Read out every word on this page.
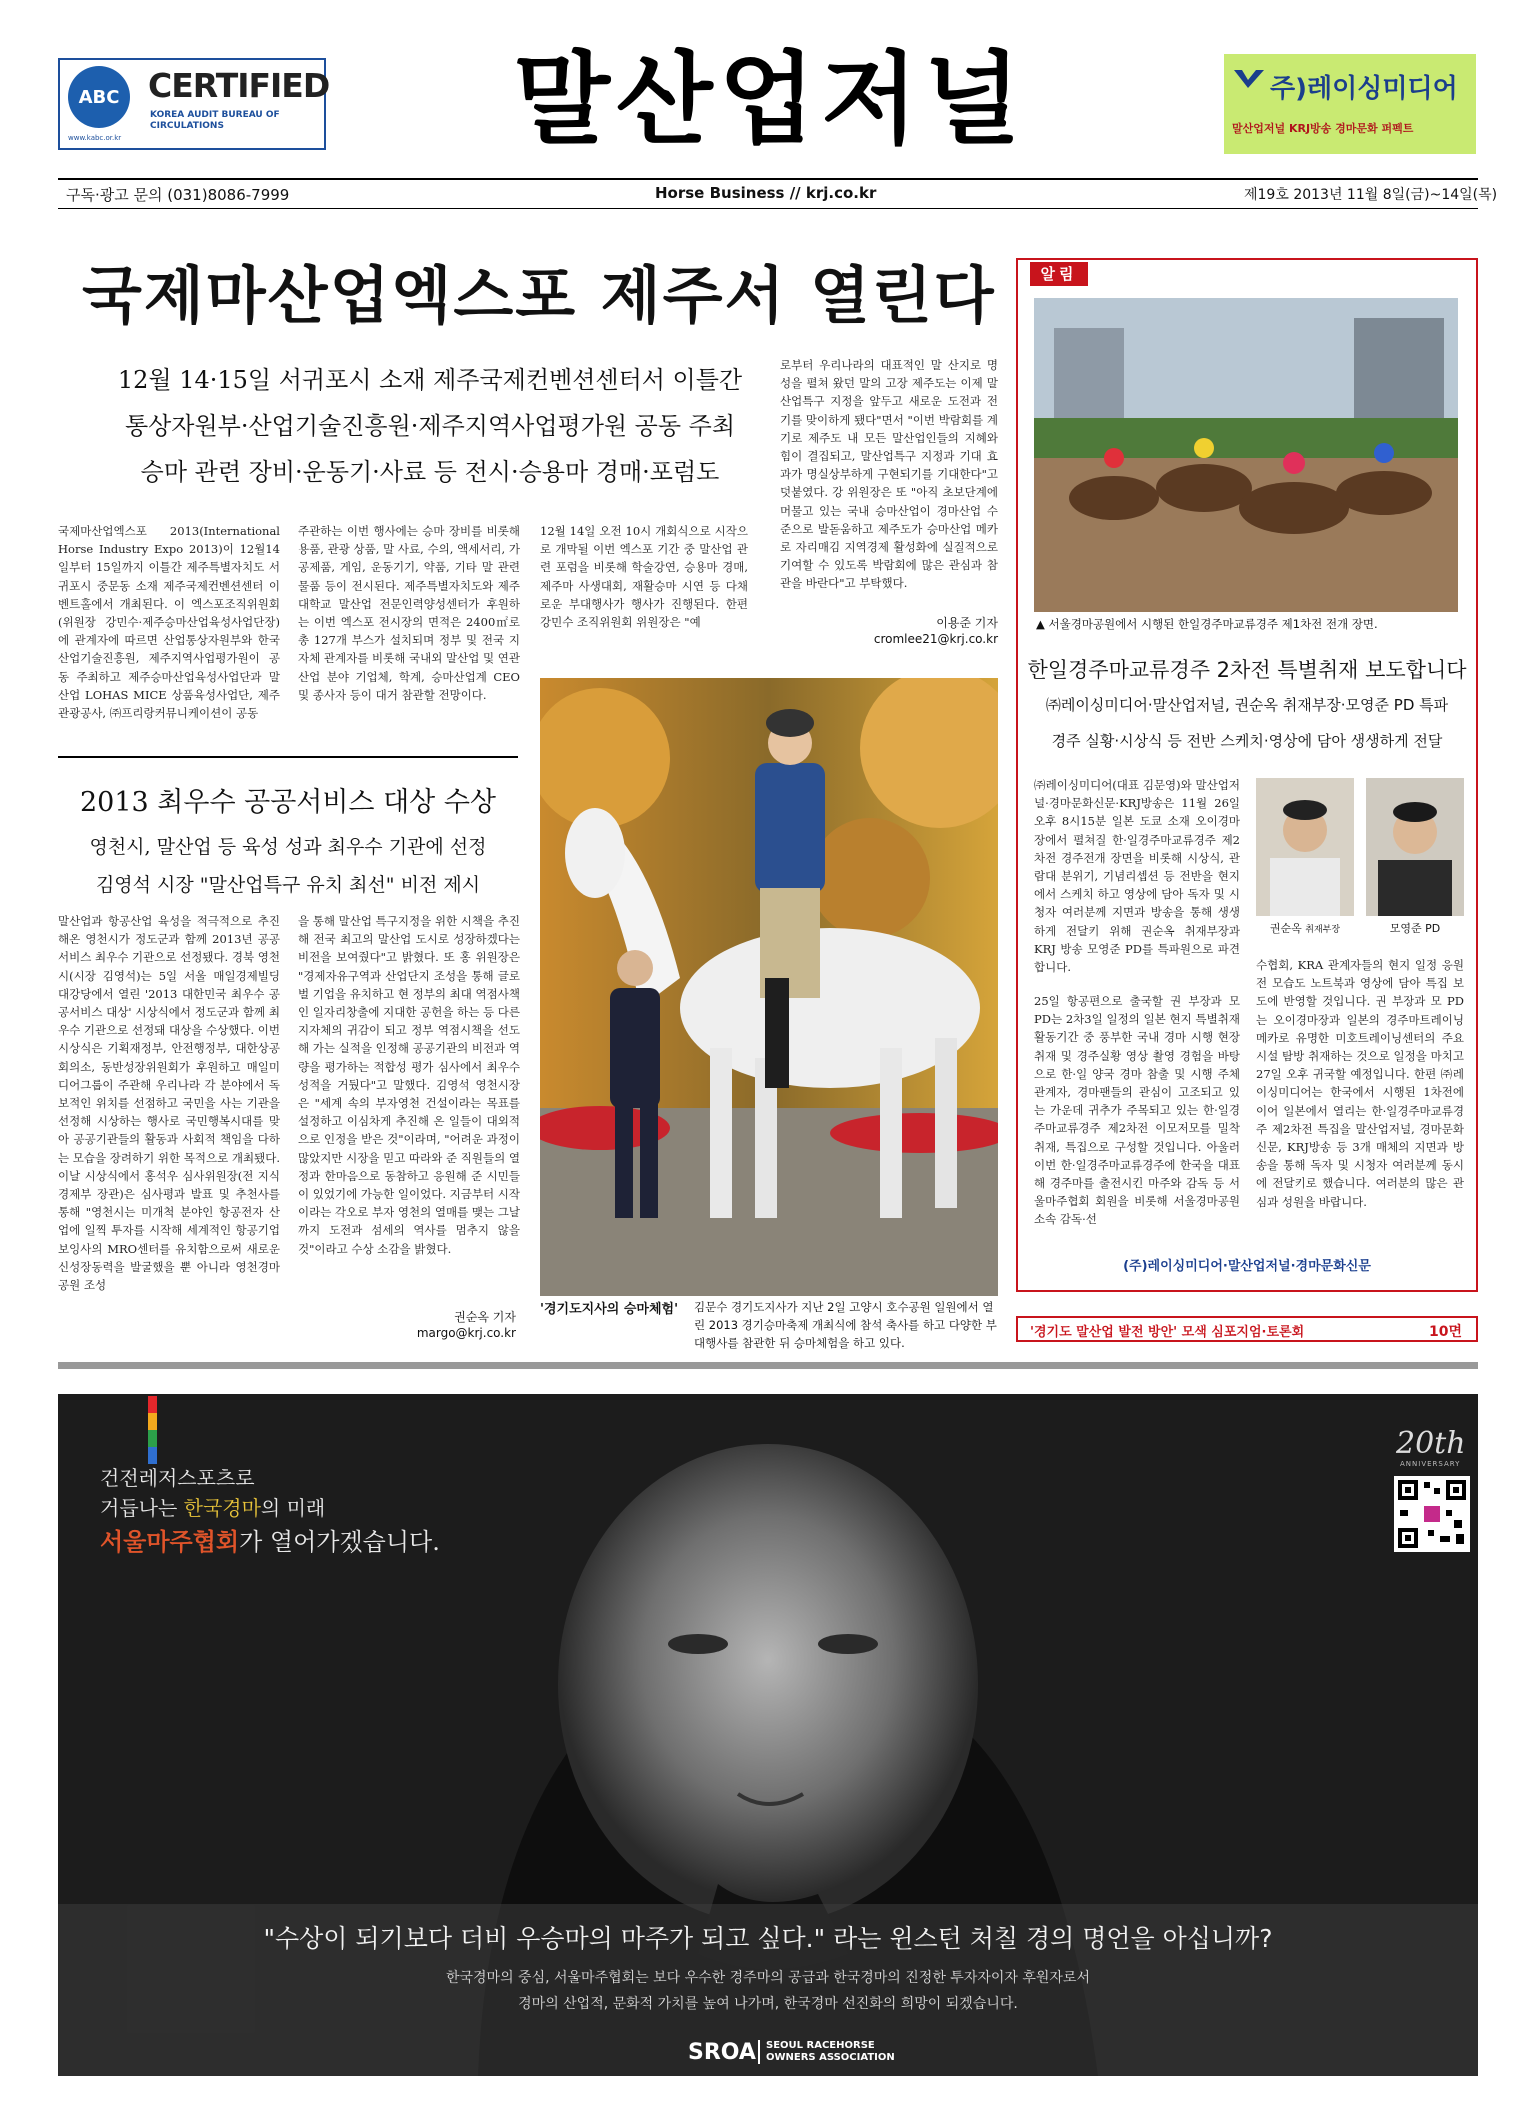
ABC CERTIFIED
KOREA AUDIT BUREAU OF CIRCULATIONS
www.kabc.or.kr	말산업저널	주)레이싱미디어
말산업저널 KRJ방송 경마문화 퍼펙트
구독·광고 문의 (031)8086-7999	Horse Business // krj.co.kr	제19호 2013년 11월 8일(금)~14일(목)
국제마산업엑스포 제주서 열린다
12월 14·15일 서귀포시 소재 제주국제컨벤션센터서 이틀간
통상자원부·산업기술진흥원·제주지역사업평가원 공동 주최
승마 관련 장비·운동기·사료 등 전시·승용마 경매·포럼도
국제마산업엑스포 2013(International Horse Industry Expo 2013)이 12월14일부터 15일까지 이틀간 제주특별자치도 서귀포시 중문동 소재 제주국제컨벤션센터 이벤트홀에서 개최된다. 이 엑스포조직위원회(위원장 강민수·제주승마산업육성사업단장)에 관계자에 따르면 산업통상자원부와 한국산업기술진흥원, 제주지역사업평가원이 공동 주최하고 제주승마산업육성사업단과 말산업 LOHAS MICE 상품육성사업단, 제주관광공사, ㈜프리랑커뮤니케이션이 공동
주관하는 이번 행사에는 승마 장비를 비롯해 용품, 관광 상품, 말 사료, 수의, 액세서리, 가공제품, 게임, 운동기기, 약품, 기타 말 관련 물품 등이 전시된다. 제주특별자치도와 제주대학교 말산업 전문인력양성센터가 후원하는 이번 엑스포 전시장의 면적은 2400㎡로 총 127개 부스가 설치되며 정부 및 전국 지자체 관계자를 비롯해 국내외 말산업 및 연관 산업 분야 기업체, 학계, 승마산업계 CEO 및 종사자 등이 대거 참관할 전망이다.
12월 14일 오전 10시 개회식으로 시작으로 개막될 이번 엑스포 기간 중 말산업 관련 포럼을 비롯해 학술강연, 승용마 경매, 제주마 사생대회, 재활승마 시연 등 다채로운 부대행사가 행사가 진행된다. 한편 강민수 조직위원회 위원장은 "예
로부터 우리나라의 대표적인 말 산지로 명성을 펼쳐 왔던 말의 고장 제주도는 이제 말산업특구 지정을 앞두고 새로운 도전과 전기를 맞이하게 됐다"면서 "이번 박람회를 계기로 제주도 내 모든 말산업인들의 지혜와 힘이 결집되고, 말산업특구 지정과 기대 효과가 명실상부하게 구현되기를 기대한다"고 덧붙였다. 강 위원장은 또 "아직 초보단계에 머물고 있는 국내 승마산업이 경마산업 수준으로 발돋움하고 제주도가 승마산업 메카로 자리매김 지역경제 활성화에 실질적으로 기여할 수 있도록 박람회에 많은 관심과 참관을 바란다"고 부탁했다.
이용준 기자
cromlee21@krj.co.kr
2013 최우수 공공서비스 대상 수상
영천시, 말산업 등 육성 성과 최우수 기관에 선정
김영석 시장 "말산업특구 유치 최선" 비전 제시
말산업과 항공산업 육성을 적극적으로 추진해온 영천시가 정도군과 함께 2013년 공공서비스 최우수 기관으로 선정됐다. 경북 영천시(시장 김영석)는 5일 서울 매일경제빌딩 대강당에서 열린 '2013 대한민국 최우수 공공서비스 대상' 시상식에서 정도군과 함께 최우수 기관으로 선정돼 대상을 수상했다. 이번 시상식은 기획재정부, 안전행정부, 대한상공회의소, 동반성장위원회가 후원하고 매일미디어그룹이 주관해 우리나라 각 분야에서 독보적인 위치를 선점하고 국민을 사는 기관을 선정해 시상하는 행사로 국민행복시대를 맞아 공공기관들의 활동과 사회적 책임을 다하는 모습을 장려하기 위한 목적으로 개최됐다. 이날 시상식에서 홍석우 심사위원장(전 지식경제부 장관)은 심사평과 발표 및 추천사를 통해 "영천시는 미개척 분야인 항공전자 산업에 일찍 투자를 시작해 세계적인 항공기업 보잉사의 MRO센터를 유치함으로써 새로운 신성장동력을 발굴했을 뿐 아니라 영천경마공원 조성
을 통해 말산업 특구지정을 위한 시책을 추진해 전국 최고의 말산업 도시로 성장하겠다는 비전을 보여줬다"고 밝혔다. 또 홍 위원장은 "경제자유구역과 산업단지 조성을 통해 글로벌 기업을 유치하고 현 정부의 최대 역점사책인 일자리창출에 지대한 공헌을 하는 등 다른 지자체의 귀감이 되고 정부 역점시책을 선도해 가는 실적을 인정해 공공기관의 비전과 역량을 평가하는 적합성 평가 심사에서 최우수 성적을 거뒀다"고 말했다. 김영석 영천시장은 "세계 속의 부자영천 건설이라는 목표를 설정하고 이심차게 추진해 온 일들이 대외적으로 인정을 받은 것"이라며, "어려운 과정이 많았지만 시장을 믿고 따라와 준 직원들의 열정과 한마음으로 동참하고 응원해 준 시민들이 있었기에 가능한 일이었다. 지금부터 시작이라는 각오로 부자 영천의 열매를 맺는 그날까지 도전과 섬세의 역사를 멈추지 않을 것"이라고 수상 소감을 밝혔다.
권순옥 기자
margo@krj.co.kr
'경기도지사의 승마체험' 김문수 경기도지사가 지난 2일 고양시 호수공원 일원에서 열린 2013 경기승마축제 개최식에 참석 축사를 하고 다양한 부대행사를 참관한 뒤 승마체험을 하고 있다.
알림
▲ 서울경마공원에서 시행된 한일경주마교류경주 제1차전 전개 장면.
한일경주마교류경주 2차전 특별취재 보도합니다
㈜레이싱미디어·말산업저널, 권순옥 취재부장·모영준 PD 특파
경주 실황·시상식 등 전반 스케치·영상에 담아 생생하게 전달
㈜레이싱미디어(대표 김문영)와 말산업저널·경마문화신문·KRJ방송은 11월 26일 오후 8시15분 일본 도쿄 소재 오이경마장에서 펼쳐질 한·일경주마교류경주 제2차전 경주전개 장면을 비롯해 시상식, 관람대 분위기, 기념리셉션 등 전반을 현지에서 스케치 하고 영상에 담아 독자 및 시청자 여러분께 지면과 방송을 통해 생생하게 전달키 위해 권순옥 취재부장과 KRJ 방송 모영준 PD를 특파원으로 파견합니다.
권순옥 취재부장	모영준 PD
25일 항공편으로 출국할 권 부장과 모 PD는 2차3일 일정의 일본 현지 특별취재 활동기간 중 풍부한 국내 경마 시행 현장 취재 및 경주실황 영상 촬영 경험을 바탕으로 한·일 양국 경마 참출 및 시행 주체 관계자, 경마팬들의 관심이 고조되고 있는 가운데 귀추가 주목되고 있는 한·일경주마교류경주 제2차전 이모저모를 밀착 취재, 특집으로 구성할 것입니다. 아울러 이번 한·일경주마교류경주에 한국을 대표해 경주마를 출전시킨 마주와 감독 등 서울마주협회 회원을 비롯해 서울경마공원 소속 감독·선
수협회, KRA 관계자들의 현지 일정 응원전 모습도 노트북과 영상에 담아 특집 보도에 반영할 것입니다. 권 부장과 모 PD는 오이경마장과 일본의 경주마트레이닝 메카로 유명한 미호트레이닝센터의 주요 시설 탐방 취재하는 것으로 일정을 마치고 27일 오후 귀국할 예정입니다. 한편 ㈜레이싱미디어는 한국에서 시행된 1차전에 이어 일본에서 열리는 한·일경주마교류경주 제2차전 특집을 말산업저널, 경마문화신문, KRJ방송 등 3개 매체의 지면과 방송을 통해 독자 및 시청자 여러분께 동시에 전달키로 했습니다. 여러분의 많은 관심과 성원을 바랍니다.
(주)레이싱미디어·말산업저널·경마문화신문
'경기도 말산업 발전 방안' 모색 심포지엄·토론회	10면
건전레저스포츠로
거듭나는 한국경마의 미래
서울마주협회가 열어가겠습니다.
20th
ANNIVERSARY
"수상이 되기보다 더비 우승마의 마주가 되고 싶다." 라는 윈스턴 처칠 경의 명언을 아십니까?
한국경마의 중심, 서울마주협회는 보다 우수한 경주마의 공급과 한국경마의 진정한 투자자이자 후원자로서
경마의 산업적, 문화적 가치를 높여 나가며, 한국경마 선진화의 희망이 되겠습니다.
SROA SEOUL RACEHORSE
OWNERS ASSOCIATION
